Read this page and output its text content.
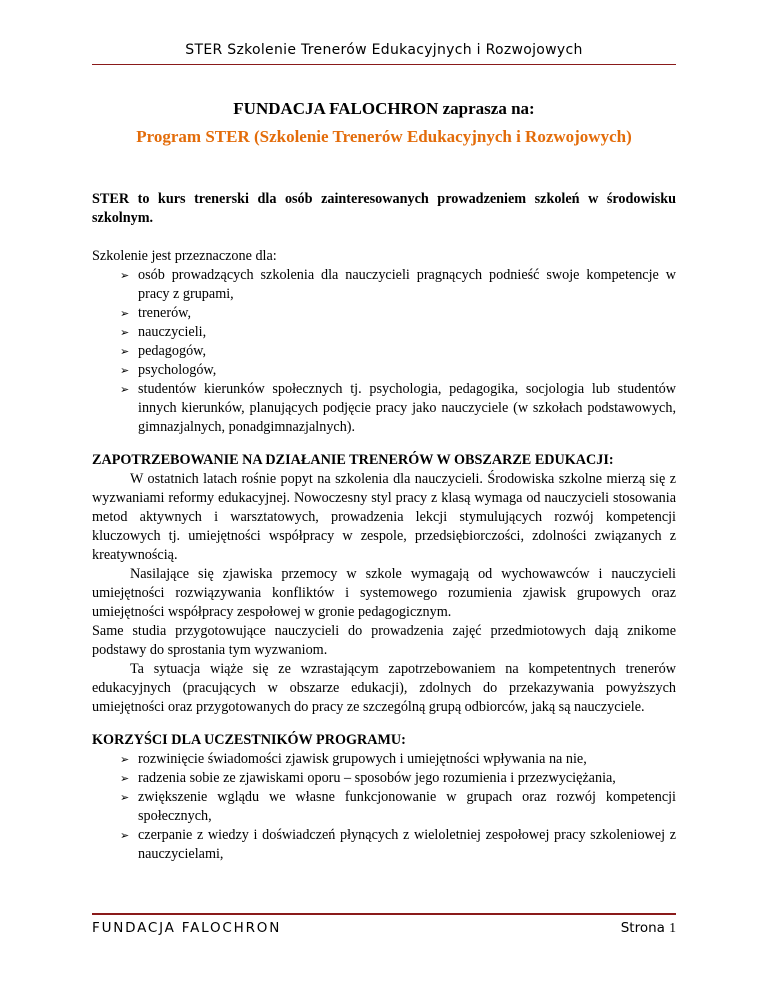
STER Szkolenie Trenerów Edukacyjnych i Rozwojowych
FUNDACJA FALOCHRON zaprasza na:
Program STER (Szkolenie Trenerów Edukacyjnych i Rozwojowych)

STER to kurs trenerski dla osób zainteresowanych prowadzeniem szkoleń w środowisku szkolnym.

Szkolenie jest przeznaczone dla:

➢ osób prowadzących szkolenia dla nauczycieli pragnących podnieść swoje kompetencje w pracy z grupami,
➢ trenerów,
➢ nauczycieli,
➢ pedagogów,
➢ psychologów,
➢ studentów kierunków społecznych tj. psychologia, pedagogika, socjologia lub studentów innych kierunków, planujących podjęcie pracy jako nauczyciele (w szkołach podstawowych, gimnazjalnych, ponadgimnazjalnych).

ZAPOTRZEBOWANIE NA DZIAŁANIE TRENERÓW W OBSZARZE EDUKACJI:

W ostatnich latach rośnie popyt na szkolenia dla nauczycieli. Środowiska szkolne mierzą się z wyzwaniami reformy edukacyjnej. Nowoczesny styl pracy z klasą wymaga od nauczycieli stosowania metod aktywnych i warsztatowych, prowadzenia lekcji stymulujących rozwój kompetencji kluczowych tj. umiejętności współpracy w zespole, przedsiębiorczości, zdolności związanych z kreatywnością.

Nasilające się zjawiska przemocy w szkole wymagają od wychowawców i nauczycieli umiejętności rozwiązywania konfliktów i systemowego rozumienia zjawisk grupowych oraz umiejętności współpracy zespołowej w gronie pedagogicznym.

Same studia przygotowujące nauczycieli do prowadzenia zajęć przedmiotowych dają znikome podstawy do sprostania tym wyzwaniom.

Ta sytuacja wiąże się ze wzrastającym zapotrzebowaniem na kompetentnych trenerów edukacyjnych (pracujących w obszarze edukacji), zdolnych do przekazywania powyższych umiejętności oraz przygotowanych do pracy ze szczególną grupą odbiorców, jaką są nauczyciele.

KORZYŚCI DLA UCZESTNIKÓW PROGRAMU:

➢ rozwinięcie świadomości zjawisk grupowych i umiejętności wpływania na nie,
➢ radzenia sobie ze zjawiskami oporu – sposobów jego rozumienia i przezwyciężania,
➢ zwiększenie wglądu we własne funkcjonowanie w grupach oraz rozwój kompetencji społecznych,
➢ czerpanie z wiedzy i doświadczeń płynących z wieloletniej zespołowej pracy szkoleniowej z nauczycielami,
FUNDACJA FALOCHRON	Strona 1
